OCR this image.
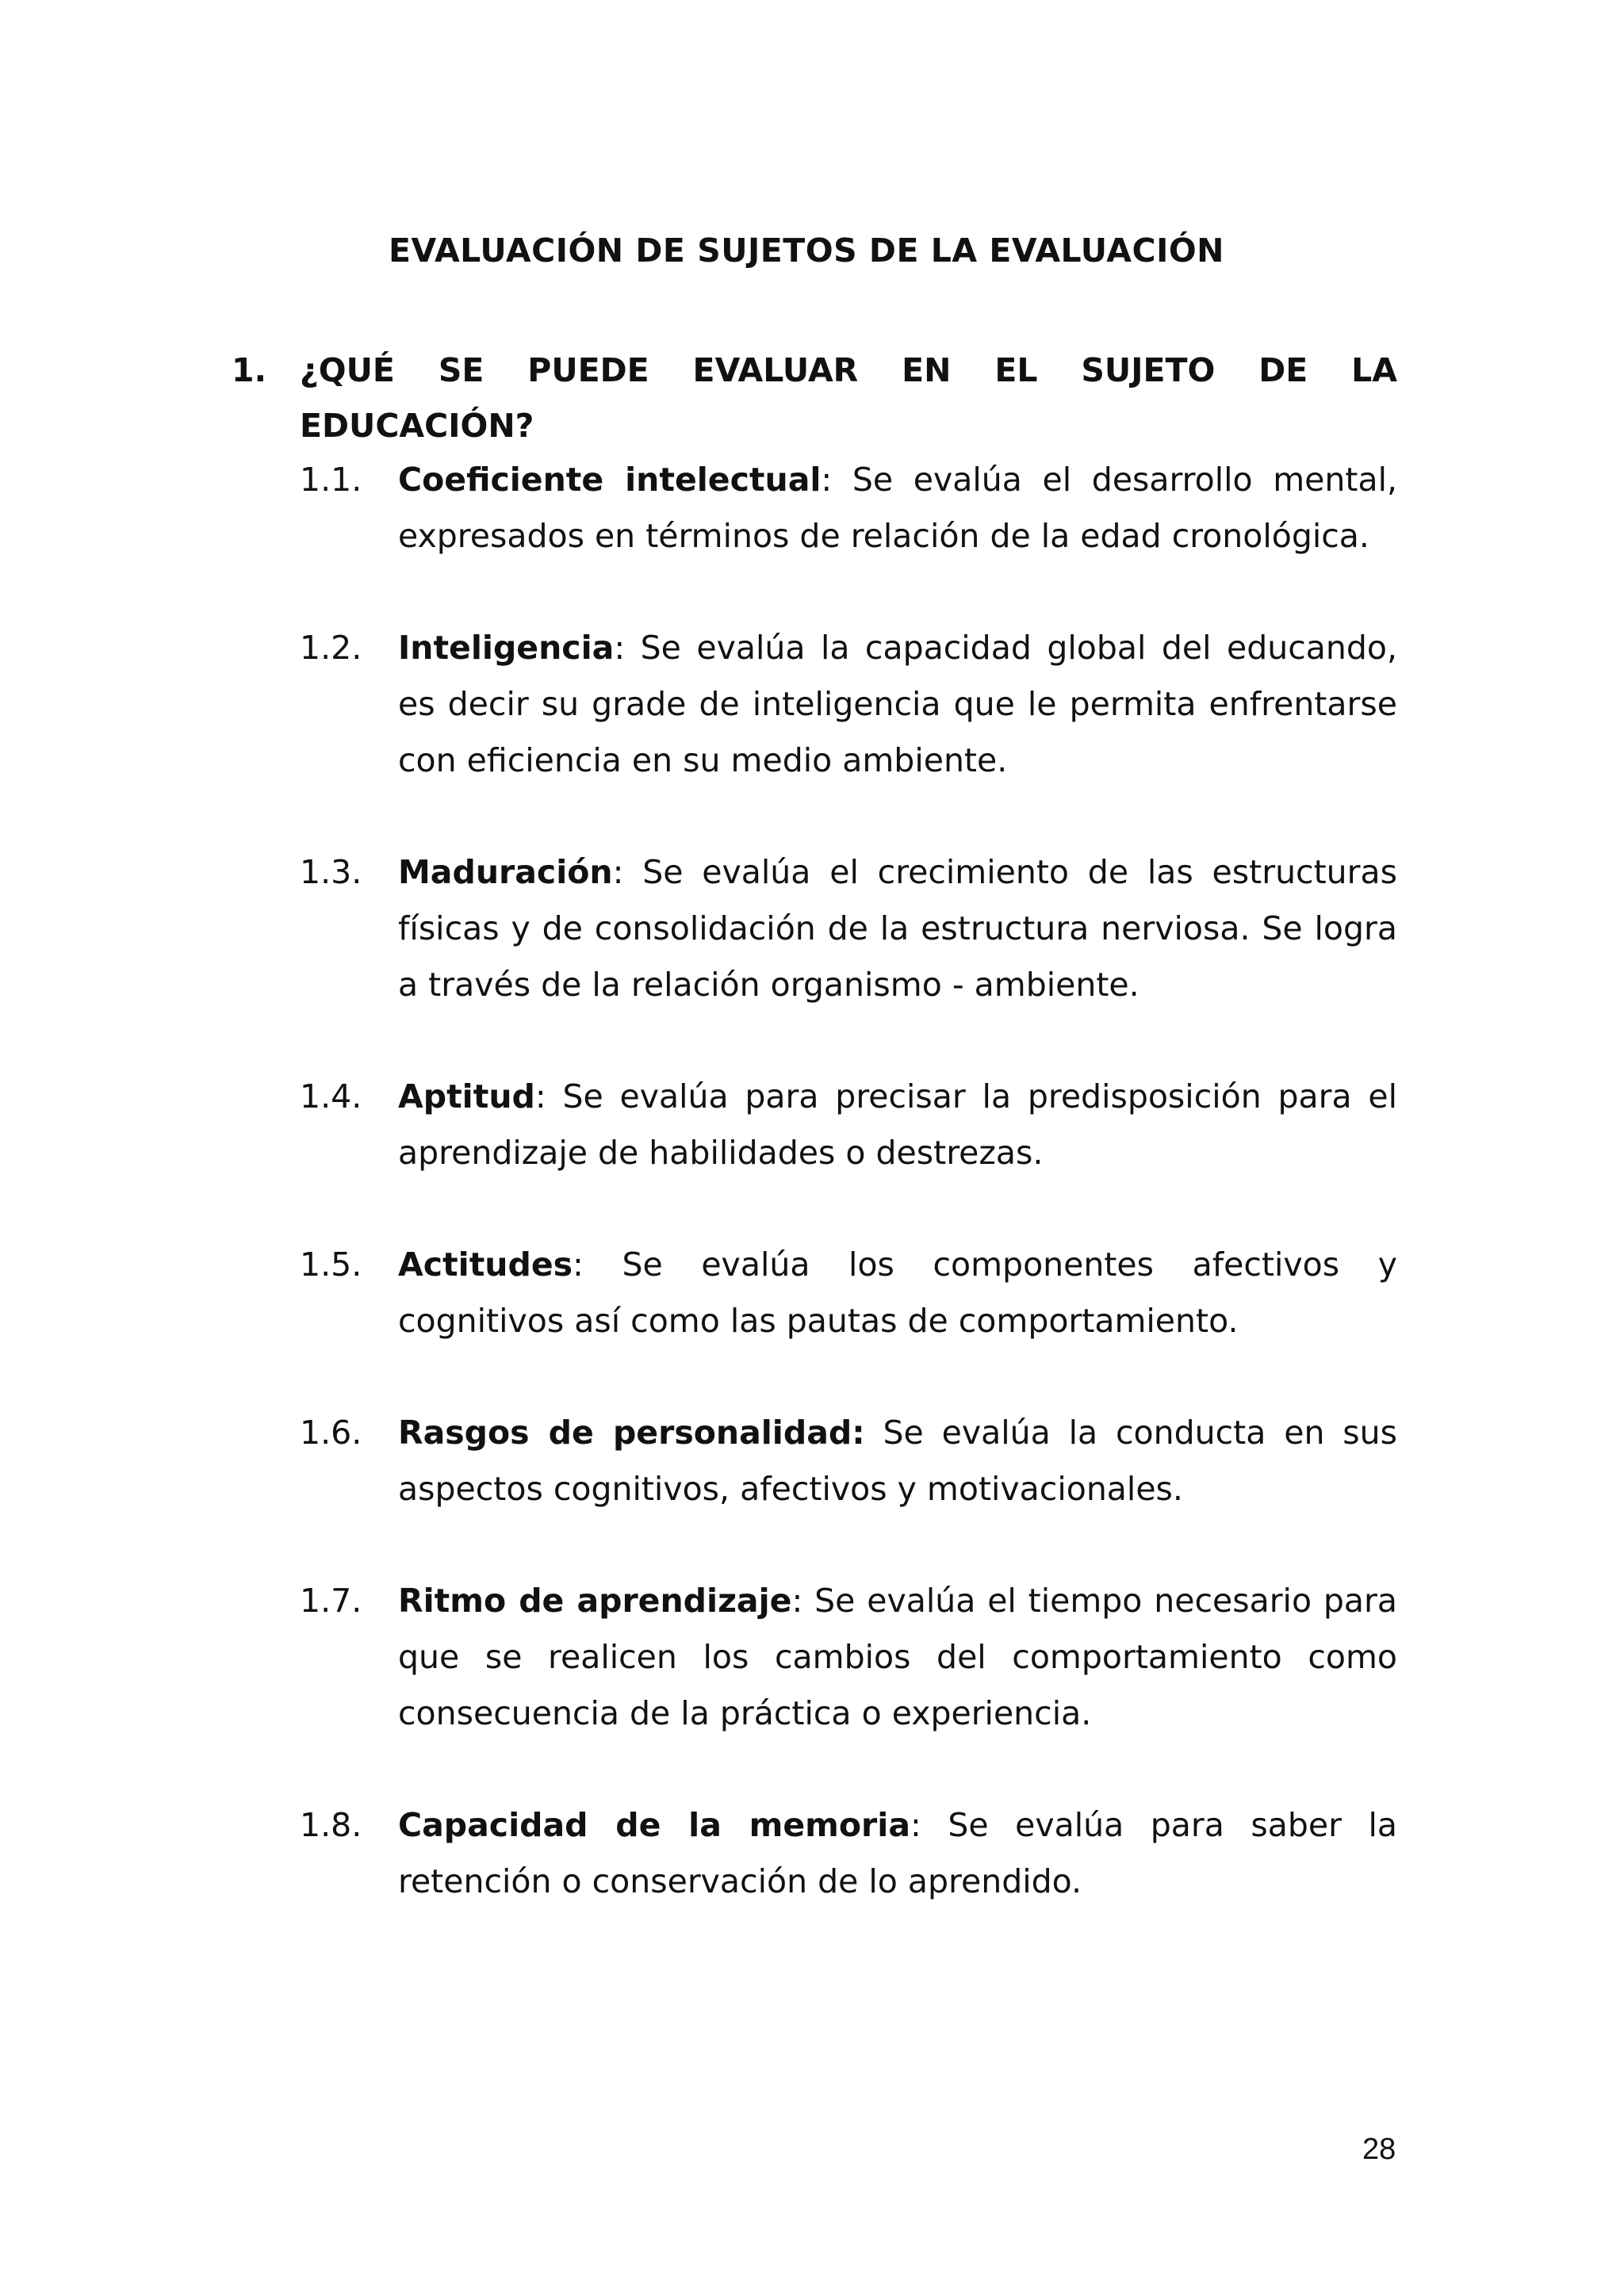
EVALUACIÓN DE SUJETOS DE LA EVALUACIÓN
1. ¿QUÉ SE PUEDE EVALUAR EN EL SUJETO DE LA
EDUCACIÓN?
1.1.	Coeficiente intelectual: Se evalúa el desarrollo mental, expresados en términos de relación de la edad cronológica.
1.2.	Inteligencia: Se evalúa la capacidad global del educando, es decir su grade de inteligencia que le permita enfrentarse con eficiencia en su medio ambiente.
1.3.	Maduración: Se evalúa el crecimiento de las estructuras físicas y de consolidación de la estructura nerviosa. Se logra a través de la relación organismo - ambiente.
1.4.	Aptitud: Se evalúa para precisar la predisposición para el aprendizaje de habilidades o destrezas.
1.5.	Actitudes: Se evalúa los componentes afectivos y cognitivos así como las pautas de comportamiento.
1.6.	Rasgos de personalidad: Se evalúa la conducta en sus aspectos cognitivos, afectivos y motivacionales.
1.7.	Ritmo de aprendizaje: Se evalúa el tiempo necesario para que se realicen los cambios del comportamiento como consecuencia de la práctica o experiencia.
1.8.	Capacidad de la memoria: Se evalúa para saber la retención o conservación de lo aprendido.
28
